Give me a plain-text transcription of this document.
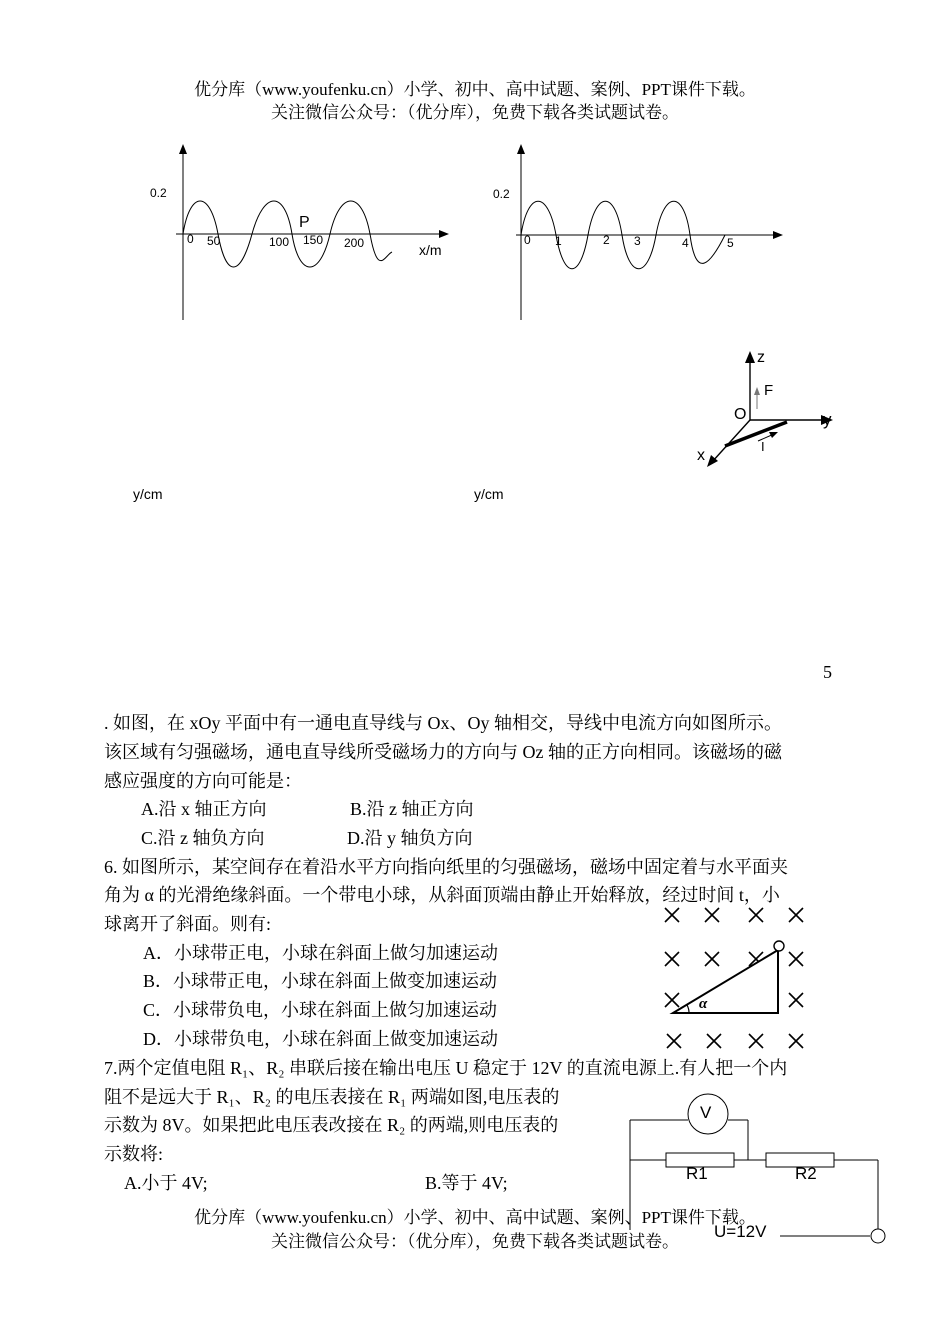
优分库（www.youfenku.cn）小学、初中、高中试题、案例、PPT课件下载。
关注微信公众号：（优分库），免费下载各类试题试卷。
0.2
P
0 50	100 150 200	x/m
0.2
0 1	2 3	4	5
z
F
O	y
x
I
y/cm	y/cm
5
. 如图，在 xOy 平面中有一通电直导线与 Ox、Oy 轴相交，导线中电流方向如图所示。
该区域有匀强磁场，通电直导线所受磁场力的方向与 Oz 轴的正方向相同。该磁场的磁
感应强度的方向可能是：
A.沿 x 轴正方向	B.沿 z 轴正方向
C.沿 z 轴负方向	D.沿 y 轴负方向
6. 如图所示，某空间存在着沿水平方向指向纸里的匀强磁场，磁场中固定着与水平面夹
角为 α 的光滑绝缘斜面。一个带电小球，从斜面顶端由静止开始释放，经过时间 t，小
球离开了斜面。则有:
A．小球带正电，小球在斜面上做匀加速运动
B．小球带正电，小球在斜面上做变加速运动
C．小球带负电，小球在斜面上做匀加速运动
D．小球带负电，小球在斜面上做变加速运动
α
7.两个定值电阻 R₁、R₂ 串联后接在输出电压 U 稳定于 12V 的直流电源上.有人把一个内
阻不是远大于 R₁、R₂ 的电压表接在 R₁ 两端如图,电压表的
示数为 8V。如果把此电压表改接在 R₂ 的两端,则电压表的
示数将:
A.小于 4V;	B.等于 4V;
V
R1	R2
U=12V
优分库（www.youfenku.cn）小学、初中、高中试题、案例、PPT课件下载。
关注微信公众号：（优分库），免费下载各类试题试卷。
